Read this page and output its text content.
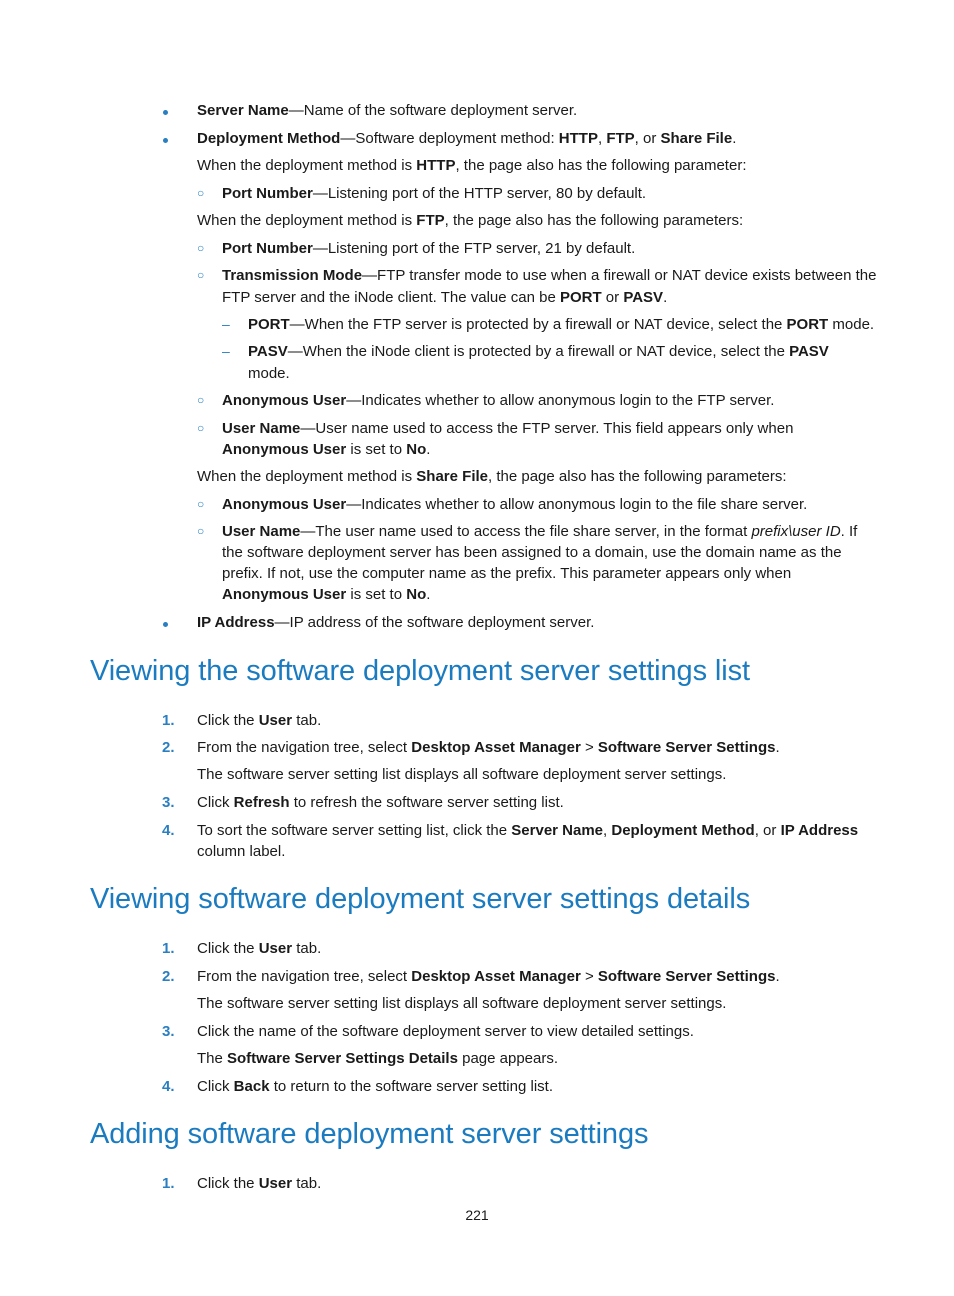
Server Name—Name of the software deployment server.
Deployment Method—Software deployment method: HTTP, FTP, or Share File.
When the deployment method is HTTP, the page also has the following parameter:
○ Port Number—Listening port of the HTTP server, 80 by default.
When the deployment method is FTP, the page also has the following parameters:
○ Port Number—Listening port of the FTP server, 21 by default.
○ Transmission Mode—FTP transfer mode to use when a firewall or NAT device exists between the
FTP server and the iNode client. The value can be PORT or PASV.
– PORT—When the FTP server is protected by a firewall or NAT device, select the PORT mode.
– PASV—When the iNode client is protected by a firewall or NAT device, select the PASV
mode.
○ Anonymous User—Indicates whether to allow anonymous login to the FTP server.
○ User Name—User name used to access the FTP server. This field appears only when
Anonymous User is set to No.
When the deployment method is Share File, the page also has the following parameters:
○ Anonymous User—Indicates whether to allow anonymous login to the file share server.
○ User Name—The user name used to access the file share server, in the format prefix\user ID. If
the software deployment server has been assigned to a domain, use the domain name as the
prefix. If not, use the computer name as the prefix. This parameter appears only when
Anonymous User is set to No.
IP Address—IP address of the software deployment server.
Viewing the software deployment server settings list
1. Click the User tab.
2. From the navigation tree, select Desktop Asset Manager > Software Server Settings.
The software server setting list displays all software deployment server settings.
3. Click Refresh to refresh the software server setting list.
4. To sort the software server setting list, click the Server Name, Deployment Method, or IP Address
column label.
Viewing software deployment server settings details
1. Click the User tab.
2. From the navigation tree, select Desktop Asset Manager > Software Server Settings.
The software server setting list displays all software deployment server settings.
3. Click the name of the software deployment server to view detailed settings.
The Software Server Settings Details page appears.
4. Click Back to return to the software server setting list.
Adding software deployment server settings
1. Click the User tab.
221
